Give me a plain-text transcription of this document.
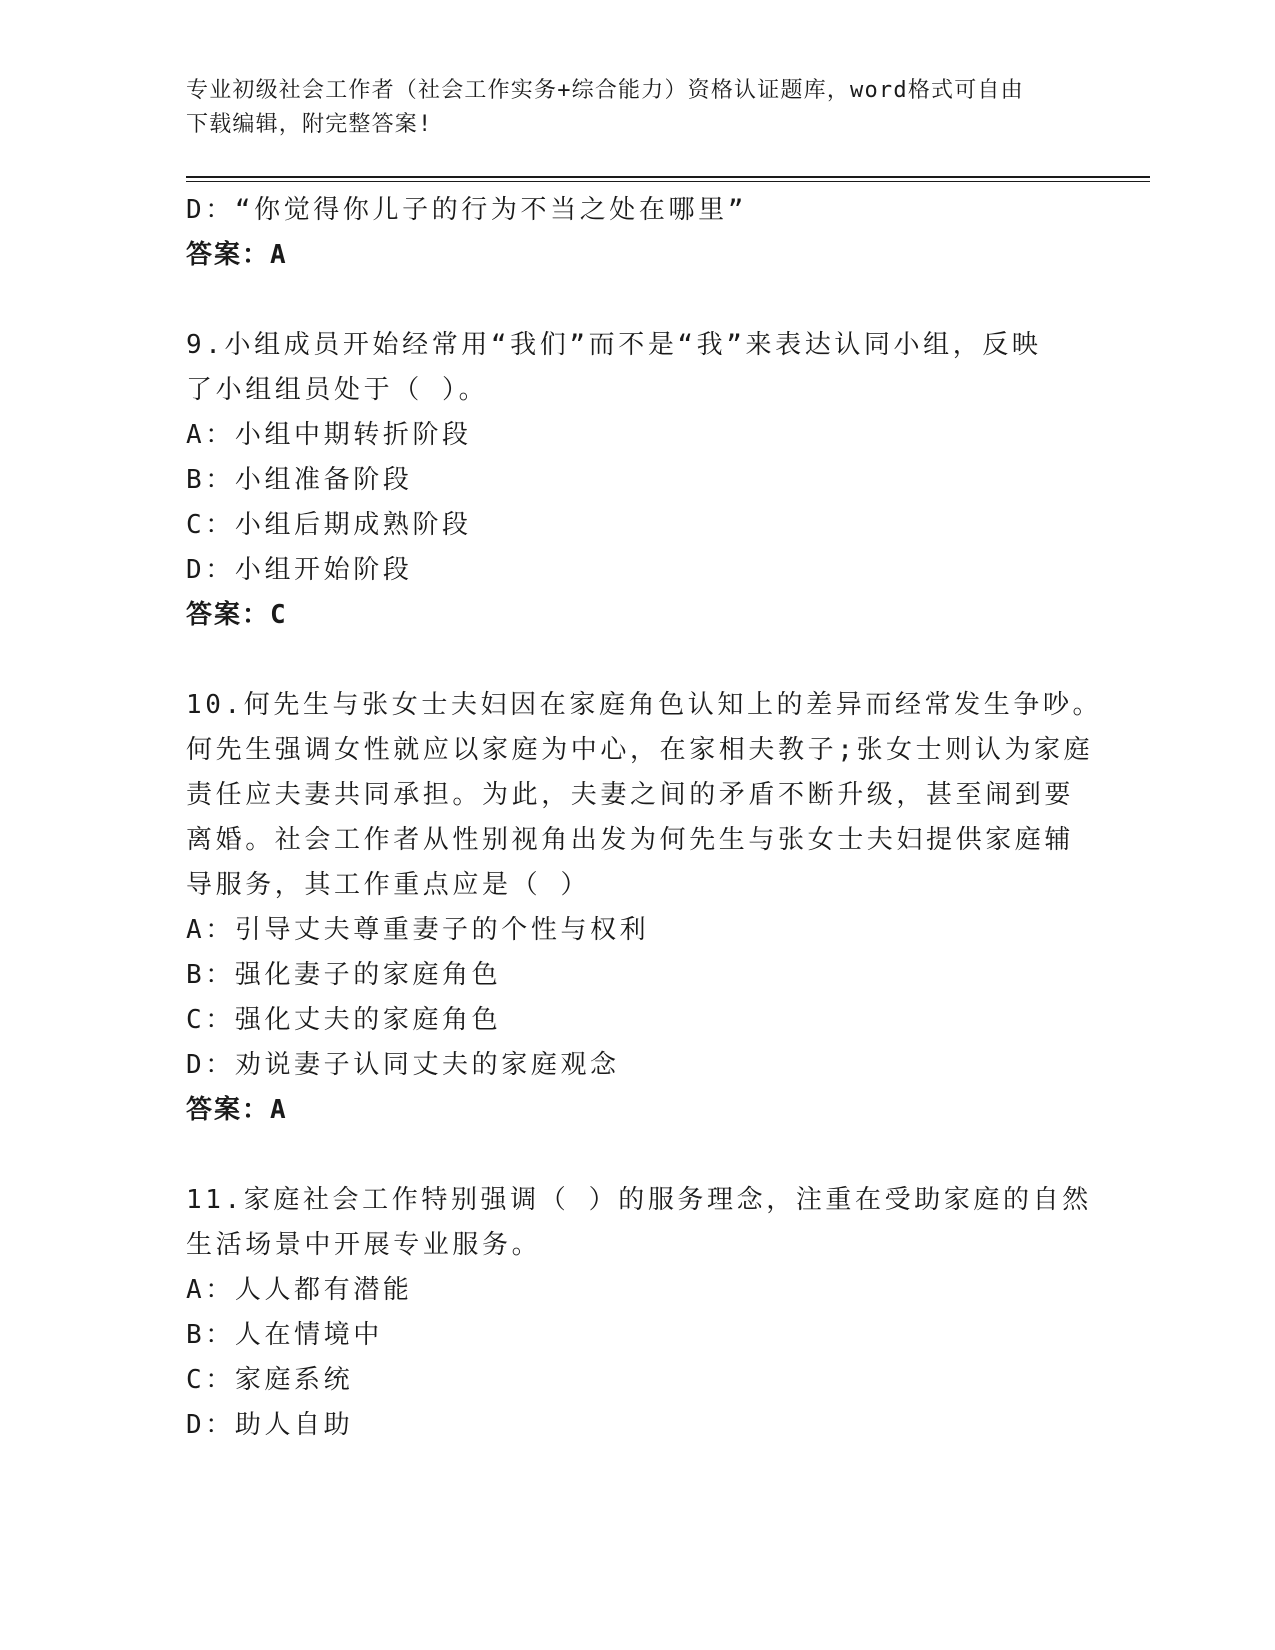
专业初级社会工作者（社会工作实务+综合能力）资格认证题库，word格式可自由
下载编辑，附完整答案!
D：“你觉得你儿子的行为不当之处在哪里”
答案：A
9.小组成员开始经常用“我们”而不是“我”来表达认同小组，反映
了小组组员处于（ ）。
A：小组中期转折阶段
B：小组准备阶段
C：小组后期成熟阶段
D：小组开始阶段
答案：C
10.何先生与张女士夫妇因在家庭角色认知上的差异而经常发生争吵。
何先生强调女性就应以家庭为中心，在家相夫教子;张女士则认为家庭
责任应夫妻共同承担。为此，夫妻之间的矛盾不断升级，甚至闹到要
离婚。社会工作者从性别视角出发为何先生与张女士夫妇提供家庭辅
导服务，其工作重点应是（ ）
A：引导丈夫尊重妻子的个性与权利
B：强化妻子的家庭角色
C：强化丈夫的家庭角色
D：劝说妻子认同丈夫的家庭观念
答案：A
11.家庭社会工作特别强调（ ）的服务理念，注重在受助家庭的自然
生活场景中开展专业服务。
A：人人都有潜能
B：人在情境中
C：家庭系统
D：助人自助
